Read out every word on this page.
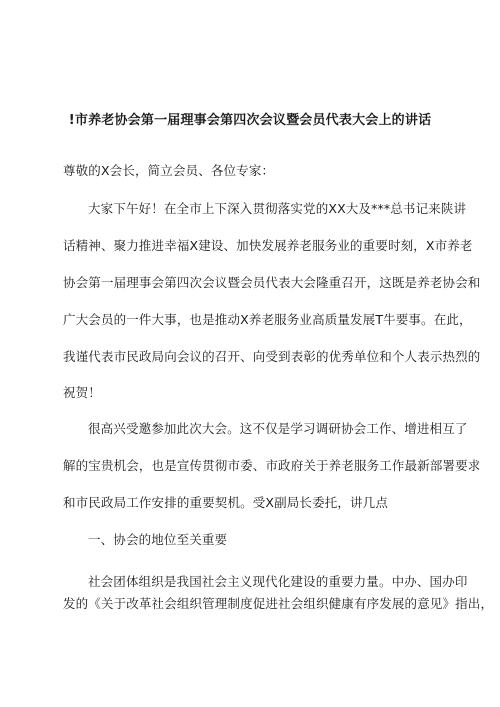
!市养老协会第一届理事会第四次会议暨会员代表大会上的讲话
尊敬的X会长，简立会员、各位专家：
大家下午好！在全市上下深入贯彻落实党的XX大及***总书记来陕讲
话精神、聚力推进幸福X建设、加快发展养老服务业的重要时刻，X市养老
协会第一届理事会第四次会议暨会员代表大会隆重召开，这既是养老协会和
广大会员的一件大事，也是推动X养老服务业高质量发展T牛要事。在此，
我谨代表市民政局向会议的召开、向受到表彰的优秀单位和个人表示热烈的
祝贺！
很高兴受邀参加此次大会。这不仅是学习调研协会工作、增进相互了
解的宝贵机会，也是宣传贯彻市委、市政府关于养老服务工作最新部署要求
和市民政局工作安排的重要契机。受X副局长委托，讲几点
一、协会的地位至关重要
社会团体组织是我国社会主义现代化建设的重要力量。中办、国办印
发的《关于改革社会组织管理制度促进社会组织健康有序发展的意见》指出，
